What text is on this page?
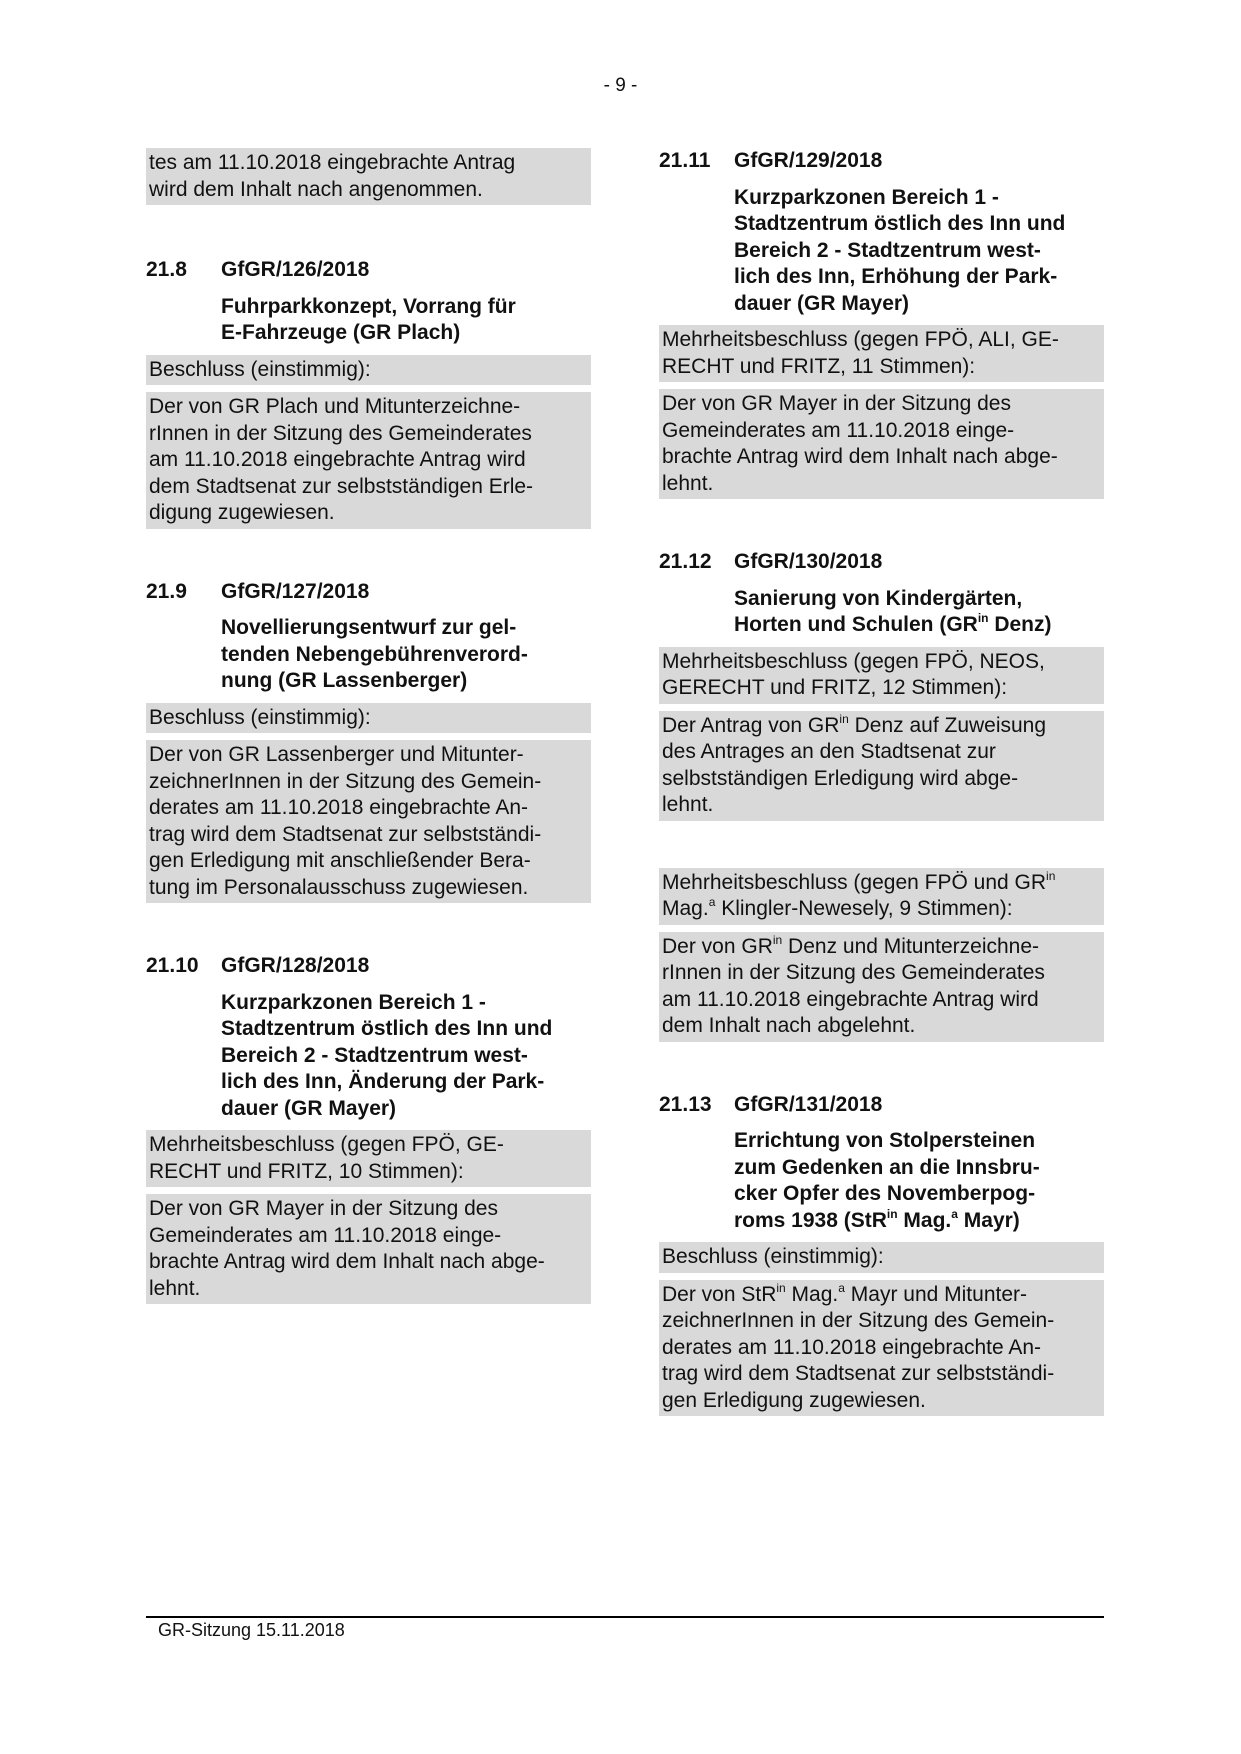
- 9 -
tes am 11.10.2018 eingebrachte Antrag
wird dem Inhalt nach angenommen.
21.8	GfGR/126/2018
Fuhrparkkonzept, Vorrang für
E-Fahrzeuge (GR Plach)
Beschluss (einstimmig):
Der von GR Plach und Mitunterzeichne-
rInnen in der Sitzung des Gemeinderates
am 11.10.2018 eingebrachte Antrag wird
dem Stadtsenat zur selbstständigen Erle-
digung zugewiesen.
21.9	GfGR/127/2018
Novellierungsentwurf zur gel-
tenden Nebengebührenverord-
nung (GR Lassenberger)
Beschluss (einstimmig):
Der von GR Lassenberger und Mitunter-
zeichnerInnen in der Sitzung des Gemein-
derates am 11.10.2018 eingebrachte An-
trag wird dem Stadtsenat zur selbstständi-
gen Erledigung mit anschließender Bera-
tung im Personalausschuss zugewiesen.
21.10	GfGR/128/2018
Kurzparkzonen Bereich 1 -
Stadtzentrum östlich des Inn und
Bereich 2 - Stadtzentrum west-
lich des Inn, Änderung der Park-
dauer (GR Mayer)
Mehrheitsbeschluss (gegen FPÖ, GE-
RECHT und FRITZ, 10 Stimmen):
Der von GR Mayer in der Sitzung des
Gemeinderates am 11.10.2018 einge-
brachte Antrag wird dem Inhalt nach abge-
lehnt.
21.11	GfGR/129/2018
Kurzparkzonen Bereich 1 -
Stadtzentrum östlich des Inn und
Bereich 2 - Stadtzentrum west-
lich des Inn, Erhöhung der Park-
dauer (GR Mayer)
Mehrheitsbeschluss (gegen FPÖ, ALI, GE-
RECHT und FRITZ, 11 Stimmen):
Der von GR Mayer in der Sitzung des
Gemeinderates am 11.10.2018 einge-
brachte Antrag wird dem Inhalt nach abge-
lehnt.
21.12	GfGR/130/2018
Sanierung von Kindergärten,
Horten und Schulen ($GR^{in}$ Denz)
Mehrheitsbeschluss (gegen FPÖ, NEOS,
GERECHT und FRITZ, 12 Stimmen):
Der Antrag von $GR^{in}$ Denz auf Zuweisung
des Antrages an den Stadtsenat zur
selbstständigen Erledigung wird abge-
lehnt.
Mehrheitsbeschluss (gegen FPÖ und $GR^{in}$
Mag.$^a$ Klingler-Newesely, 9 Stimmen):
Der von $GR^{in}$ Denz und Mitunterzeichne-
rInnen in der Sitzung des Gemeinderates
am 11.10.2018 eingebrachte Antrag wird
dem Inhalt nach abgelehnt.
21.13	GfGR/131/2018
Errichtung von Stolpersteinen
zum Gedenken an die Innsbru-
cker Opfer des Novemberpog-
roms 1938 (StR$^{in}$ Mag.$^a$ Mayr)
Beschluss (einstimmig):
Der von StR$^{in}$ Mag.$^a$ Mayr und Mitunter-
zeichnerInnen in der Sitzung des Gemein-
derates am 11.10.2018 eingebrachte An-
trag wird dem Stadtsenat zur selbstständi-
gen Erledigung zugewiesen.
GR-Sitzung 15.11.2018
